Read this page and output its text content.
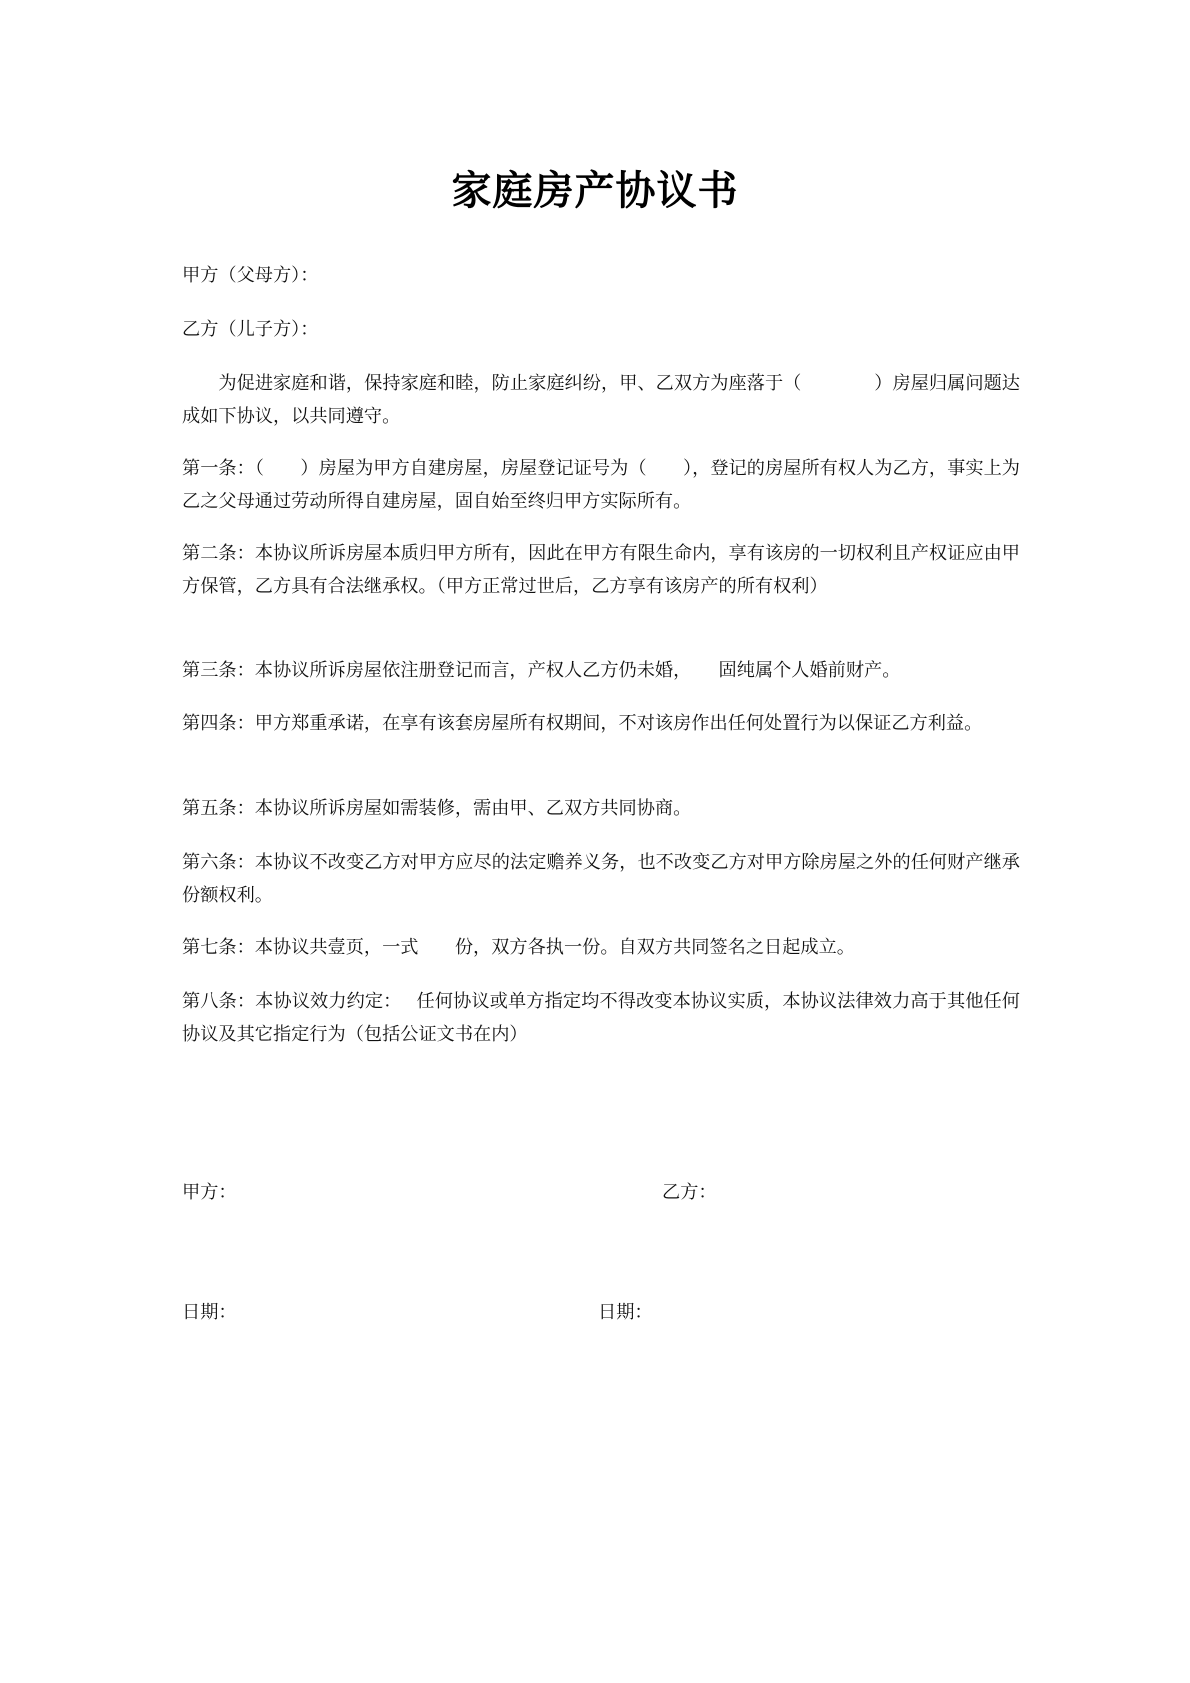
家庭房产协议书
甲方（父母方）：
乙方（儿子方）：
为促进家庭和谐，保持家庭和睦，防止家庭纠纷，甲、乙双方为座落于（　　　　）房屋归属问题达成如下协议，以共同遵守。
第一条：（　　）房屋为甲方自建房屋，房屋登记证号为（　　），登记的房屋所有权人为乙方，事实上为乙之父母通过劳动所得自建房屋，固自始至终归甲方实际所有。
第二条：本协议所诉房屋本质归甲方所有，因此在甲方有限生命内，享有该房的一切权利且产权证应由甲方保管，乙方具有合法继承权。（甲方正常过世后，乙方享有该房产的所有权利）
第三条：本协议所诉房屋依注册登记而言，产权人乙方仍未婚，　　固纯属个人婚前财产。
第四条：甲方郑重承诺，在享有该套房屋所有权期间，不对该房作出任何处置行为以保证乙方利益。
第五条：本协议所诉房屋如需装修，需由甲、乙双方共同协商。
第六条：本协议不改变乙方对甲方应尽的法定赡养义务，也不改变乙方对甲方除房屋之外的任何财产继承份额权利。
第七条：本协议共壹页，一式　　份，双方各执一份。自双方共同签名之日起成立。
第八条：本协议效力约定：　 任何协议或单方指定均不得改变本协议实质，本协议法律效力高于其他任何协议及其它指定行为（包括公证文书在内）
甲方：	乙方：
日期：	日期：
